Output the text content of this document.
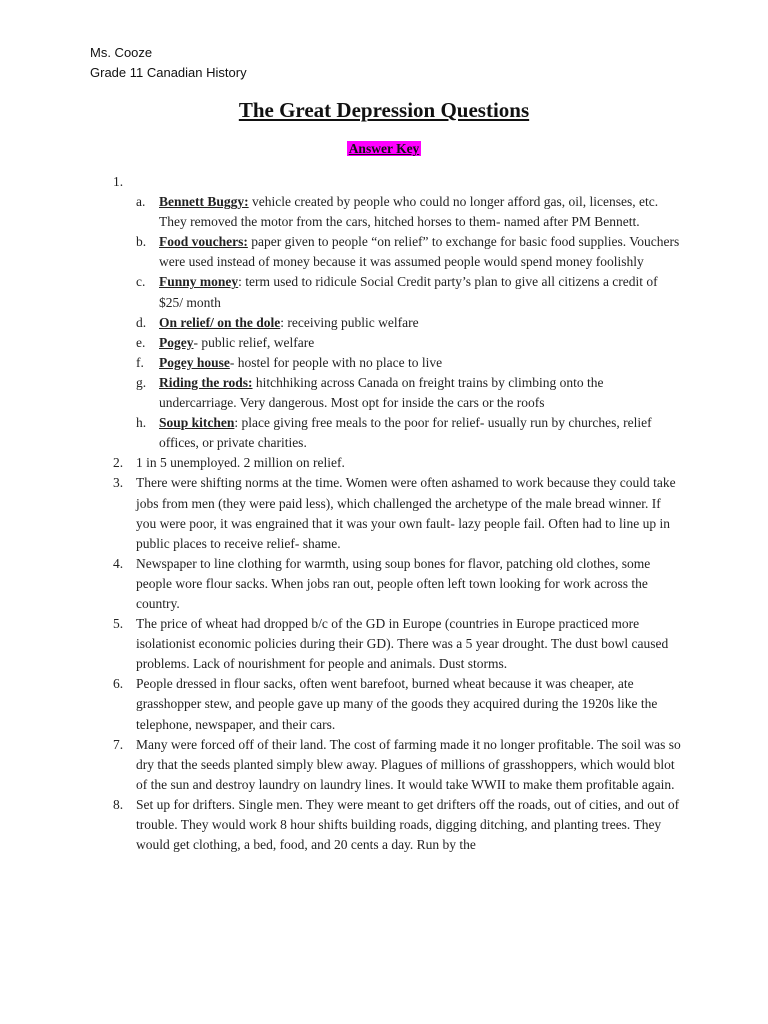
Ms. Cooze
Grade 11 Canadian History
The Great Depression Questions
Answer Key
1.

a. Bennett Buggy: vehicle created by people who could no longer afford gas, oil, licenses, etc. They removed the motor from the cars, hitched horses to them- named after PM Bennett.
b. Food vouchers: paper given to people “on relief” to exchange for basic food supplies. Vouchers were used instead of money because it was assumed people would spend money foolishly
c. Funny money: term used to ridicule Social Credit party’s plan to give all citizens a credit of $25/ month
d. On relief/ on the dole: receiving public welfare
e. Pogey- public relief, welfare
f. Pogey house- hostel for people with no place to live
g. Riding the rods: hitchhiking across Canada on freight trains by climbing onto the undercarriage. Very dangerous. Most opt for inside the cars or the roofs
h. Soup kitchen: place giving free meals to the poor for relief- usually run by churches, relief offices, or private charities.
2. 1 in 5 unemployed. 2 million on relief.
3. There were shifting norms at the time. Women were often ashamed to work because they could take jobs from men (they were paid less), which challenged the archetype of the male bread winner. If you were poor, it was engrained that it was your own fault- lazy people fail. Often had to line up in public places to receive relief- shame.
4. Newspaper to line clothing for warmth, using soup bones for flavor, patching old clothes, some people wore flour sacks. When jobs ran out, people often left town looking for work across the country.
5. The price of wheat had dropped b/c of the GD in Europe (countries in Europe practiced more isolationist economic policies during their GD). There was a 5 year drought. The dust bowl caused problems. Lack of nourishment for people and animals. Dust storms.
6. People dressed in flour sacks, often went barefoot, burned wheat because it was cheaper, ate grasshopper stew, and people gave up many of the goods they acquired during the 1920s like the telephone, newspaper, and their cars.
7. Many were forced off of their land. The cost of farming made it no longer profitable. The soil was so dry that the seeds planted simply blew away. Plagues of millions of grasshoppers, which would blot of the sun and destroy laundry on laundry lines. It would take WWII to make them profitable again.
8. Set up for drifters. Single men. They were meant to get drifters off the roads, out of cities, and out of trouble. They would work 8 hour shifts building roads, digging ditching, and planting trees. They would get clothing, a bed, food, and 20 cents a day. Run by the
